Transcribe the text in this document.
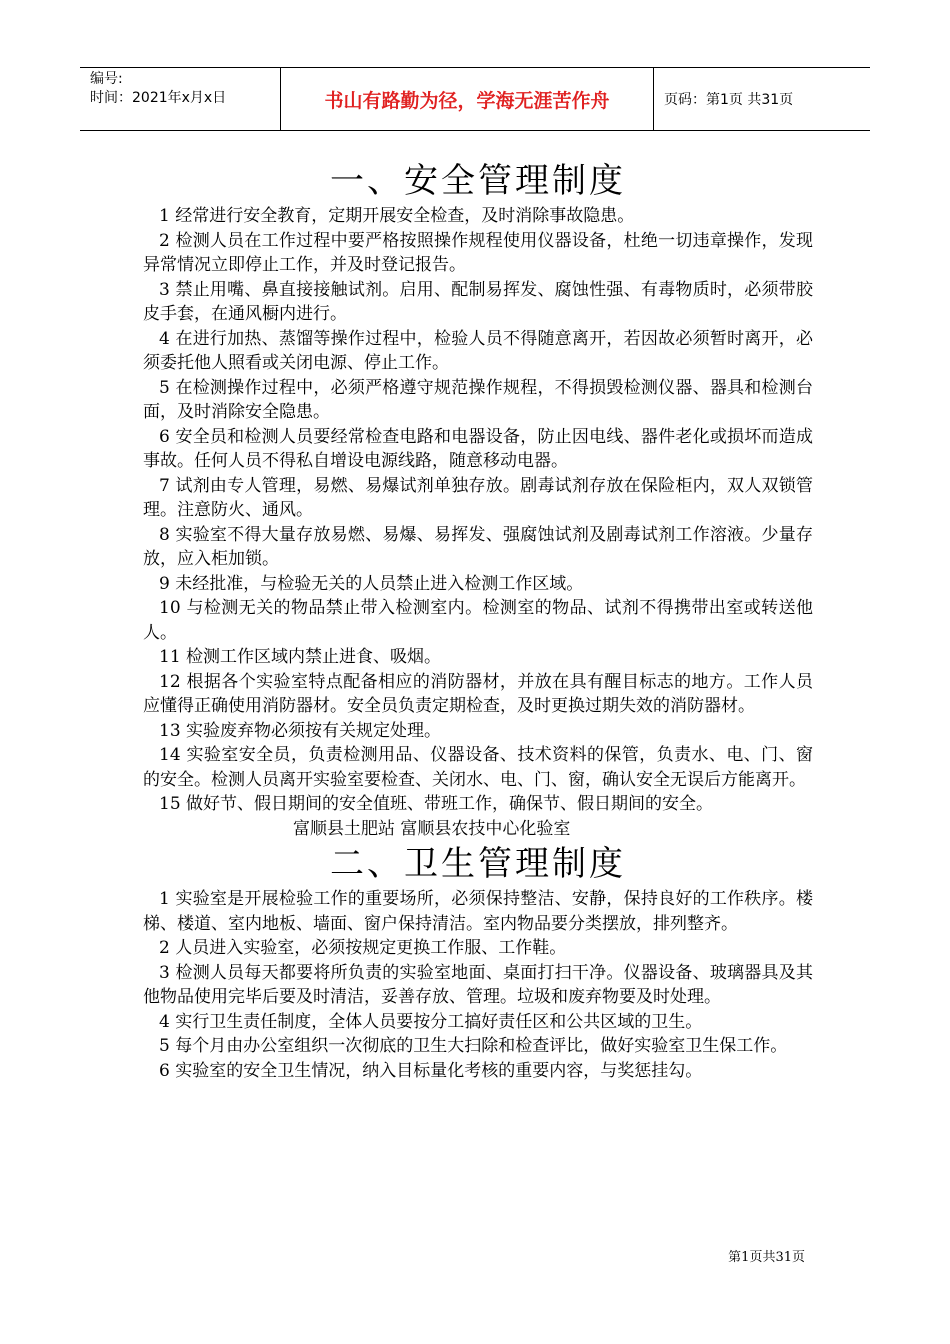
编号:
时间：2021年x月x日	书山有路勤为径，学海无涯苦作舟	页码：第1页 共31页
一、安全管理制度

1 经常进行安全教育，定期开展安全检查，及时消除事故隐患。

2 检测人员在工作过程中要严格按照操作规程使用仪器设备，杜绝一切违章操作，发现异常情况立即停止工作，并及时登记报告。

3 禁止用嘴、鼻直接接触试剂。启用、配制易挥发、腐蚀性强、有毒物质时，必须带胶皮手套，在通风橱内进行。

4 在进行加热、蒸馏等操作过程中，检验人员不得随意离开，若因故必须暂时离开，必须委托他人照看或关闭电源、停止工作。

5 在检测操作过程中，必须严格遵守规范操作规程，不得损毁检测仪器、器具和检测台面，及时消除安全隐患。

6 安全员和检测人员要经常检查电路和电器设备，防止因电线、器件老化或损坏而造成事故。任何人员不得私自增设电源线路，随意移动电器。

7 试剂由专人管理，易燃、易爆试剂单独存放。剧毒试剂存放在保险柜内，双人双锁管理。注意防火、通风。

8 实验室不得大量存放易燃、易爆、易挥发、强腐蚀试剂及剧毒试剂工作溶液。少量存放，应入柜加锁。

9 未经批准，与检验无关的人员禁止进入检测工作区域。

10 与检测无关的物品禁止带入检测室内。检测室的物品、试剂不得携带出室或转送他人。

11 检测工作区域内禁止进食、吸烟。

12 根据各个实验室特点配备相应的消防器材，并放在具有醒目标志的地方。工作人员应懂得正确使用消防器材。安全员负责定期检查，及时更换过期失效的消防器材。

13 实验废弃物必须按有关规定处理。

14 实验室安全员，负责检测用品、仪器设备、技术资料的保管，负责水、电、门、窗的安全。检测人员离开实验室要检查、关闭水、电、门、窗，确认安全无误后方能离开。

15 做好节、假日期间的安全值班、带班工作，确保节、假日期间的安全。

富顺县土肥站 富顺县农技中心化验室

二、卫生管理制度

1 实验室是开展检验工作的重要场所，必须保持整洁、安静，保持良好的工作秩序。楼梯、楼道、室内地板、墙面、窗户保持清洁。室内物品要分类摆放，排列整齐。

2 人员进入实验室，必须按规定更换工作服、工作鞋。

3 检测人员每天都要将所负责的实验室地面、桌面打扫干净。仪器设备、玻璃器具及其他物品使用完毕后要及时清洁，妥善存放、管理。垃圾和废弃物要及时处理。

4 实行卫生责任制度，全体人员要按分工搞好责任区和公共区域的卫生。

5 每个月由办公室组织一次彻底的卫生大扫除和检查评比，做好实验室卫生保工作。

6 实验室的安全卫生情况，纳入目标量化考核的重要内容，与奖惩挂勾。

第1页共31页
